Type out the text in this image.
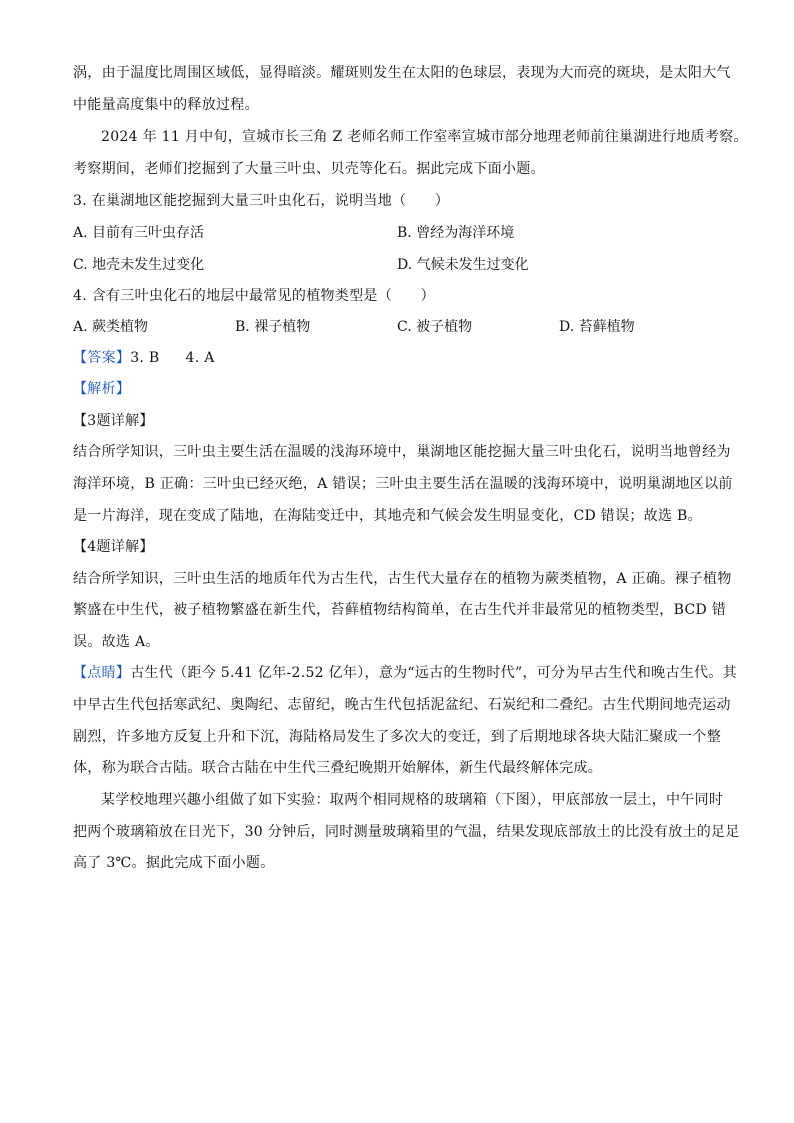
涡，由于温度比周围区域低，显得暗淡。耀斑则发生在太阳的色球层，表现为大而亮的斑块，是太阳大气
中能量高度集中的释放过程。
2024 年 11 月中旬，宣城市长三角 Z 老师名师工作室率宣城市部分地理老师前往巢湖进行地质考察。
考察期间，老师们挖掘到了大量三叶虫、贝壳等化石。据此完成下面小题。
3. 在巢湖地区能挖掘到大量三叶虫化石，说明当地（　　）
A. 目前有三叶虫存活	B. 曾经为海洋环境
C. 地壳未发生过变化	D. 气候未发生过变化
4. 含有三叶虫化石的地层中最常见的植物类型是（　　）
A. 蕨类植物	B. 裸子植物	C. 被子植物	D. 苔藓植物
【答案】3. B 4. A
【解析】
【3题详解】
结合所学知识，三叶虫主要生活在温暖的浅海环境中，巢湖地区能挖掘大量三叶虫化石，说明当地曾经为
海洋环境，B 正确：三叶虫已经灭绝，A 错误；三叶虫主要生活在温暖的浅海环境中，说明巢湖地区以前
是一片海洋，现在变成了陆地，在海陆变迁中，其地壳和气候会发生明显变化，CD 错误；故选 B。
【4题详解】
结合所学知识，三叶虫生活的地质年代为古生代，古生代大量存在的植物为蕨类植物，A 正确。裸子植物
繁盛在中生代，被子植物繁盛在新生代，苔藓植物结构简单，在古生代并非最常见的植物类型，BCD 错
误。故选 A。
【点睛】古生代（距今 5.41 亿年-2.52 亿年），意为“远古的生物时代”，可分为早古生代和晚古生代。其
中早古生代包括寒武纪、奥陶纪、志留纪，晚古生代包括泥盆纪、石炭纪和二叠纪。古生代期间地壳运动
剧烈，许多地方反复上升和下沉，海陆格局发生了多次大的变迁，到了后期地球各块大陆汇聚成一个整
体，称为联合古陆。联合古陆在中生代三叠纪晚期开始解体，新生代最终解体完成。
某学校地理兴趣小组做了如下实验：取两个相同规格的玻璃箱（下图），甲底部放一层土，中午同时
把两个玻璃箱放在日光下，30 分钟后，同时测量玻璃箱里的气温，结果发现底部放土的比没有放土的足足
高了 3℃。据此完成下面小题。
